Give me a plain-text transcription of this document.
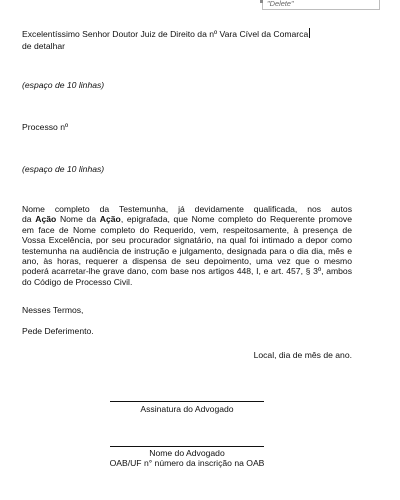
"Delete"
Excelentíssimo Senhor Doutor Juiz de Direito da nº Vara Cível da Comarca
de detalhar
(espaço de 10 linhas)
Processo nº
(espaço de 10 linhas)
Nome completo da Testemunha, já devidamente qualificada, nos autos
da Ação Nome da Ação, epigrafada, que Nome completo do Requerente promove
em face de Nome completo do Requerido, vem, respeitosamente, à presença de
Vossa Excelência, por seu procurador signatário, na qual foi intimado a depor como
testemunha na audiência de instrução e julgamento, designada para o dia dia, mês e
ano, às horas, requerer a dispensa de seu depoimento, uma vez que o mesmo
poderá acarretar-lhe grave dano, com base nos artigos 448, I, e art. 457, § 3º, ambos
do Código de Processo Civil.
Nesses Termos,
Pede Deferimento.
Local, dia de mês de ano.
Assinatura do Advogado
Nome do Advogado
OAB/UF n° número da inscrição na OAB
